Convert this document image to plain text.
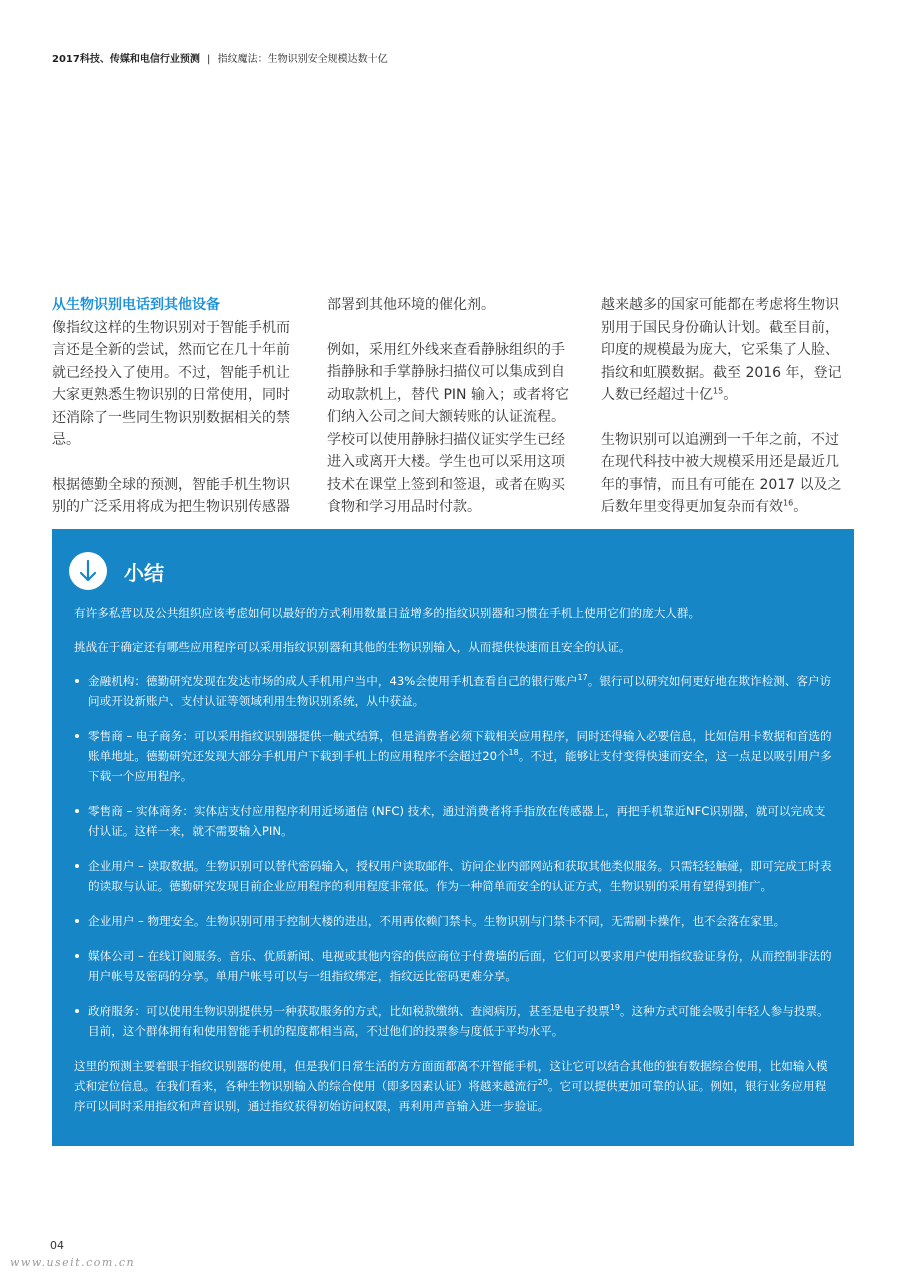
2017科技、传媒和电信行业预测 | 指纹魔法：生物识别安全规模达数十亿

从生物识别电话到其他设备

像指纹这样的生物识别对于智能手机而言还是全新的尝试，然而它在几十年前就已经投入了使用。不过，智能手机让大家更熟悉生物识别的日常使用，同时还消除了一些同生物识别数据相关的禁忌。

根据德勤全球的预测，智能手机生物识别的广泛采用将成为把生物识别传感器

部署到其他环境的催化剂。

例如，采用红外线来查看静脉组织的手指静脉和手掌静脉扫描仪可以集成到自动取款机上，替代 PIN 输入；或者将它们纳入公司之间大额转账的认证流程。学校可以使用静脉扫描仪证实学生已经进入或离开大楼。学生也可以采用这项技术在课堂上签到和签退，或者在购买食物和学习用品时付款。

越来越多的国家可能都在考虑将生物识别用于国民身份确认计划。截至目前，印度的规模最为庞大，它采集了人脸、指纹和虹膜数据。截至 2016 年，登记人数已经超过十亿$^{15}$。

生物识别可以追溯到一千年之前，不过在现代科技中被大规模采用还是最近几年的事情，而且有可能在 2017 以及之后数年里变得更加复杂而有效$^{16}$。

小结

有许多私营以及公共组织应该考虑如何以最好的方式利用数量日益增多的指纹识别器和习惯在手机上使用它们的庞大人群。

挑战在于确定还有哪些应用程序可以采用指纹识别器和其他的生物识别输入，从而提供快速而且安全的认证。

金融机构：德勤研究发现在发达市场的成人手机用户当中，43%会使用手机查看自己的银行账户$^{17}$。银行可以研究如何更好地在欺诈检测、客户访问或开设新账户、支付认证等领域利用生物识别系统，从中获益。
零售商 – 电子商务：可以采用指纹识别器提供一触式结算，但是消费者必须下载相关应用程序，同时还得输入必要信息，比如信用卡数据和首选的账单地址。德勤研究还发现大部分手机用户下载到手机上的应用程序不会超过20个$^{18}$。不过，能够让支付变得快速而安全，这一点足以吸引用户多下载一个应用程序。
零售商 – 实体商务：实体店支付应用程序利用近场通信 (NFC) 技术，通过消费者将手指放在传感器上，再把手机靠近NFC识别器，就可以完成支付认证。这样一来，就不需要输入PIN。
企业用户 – 读取数据。生物识别可以替代密码输入，授权用户读取邮件、访问企业内部网站和获取其他类似服务。只需轻轻触碰，即可完成工时表的读取与认证。德勤研究发现目前企业应用程序的利用程度非常低。作为一种简单而安全的认证方式，生物识别的采用有望得到推广。
企业用户 – 物理安全。生物识别可用于控制大楼的进出，不用再依赖门禁卡。生物识别与门禁卡不同，无需刷卡操作，也不会落在家里。
媒体公司 – 在线订阅服务。音乐、优质新闻、电视或其他内容的供应商位于付费墙的后面，它们可以要求用户使用指纹验证身份，从而控制非法的用户帐号及密码的分享。单用户帐号可以与一组指纹绑定，指纹远比密码更难分享。
政府服务：可以使用生物识别提供另一种获取服务的方式，比如税款缴纳、查阅病历，甚至是电子投票$^{19}$。这种方式可能会吸引年轻人参与投票。目前，这个群体拥有和使用智能手机的程度都相当高，不过他们的投票参与度低于平均水平。

这里的预测主要着眼于指纹识别器的使用，但是我们日常生活的方方面面都离不开智能手机，这让它可以结合其他的独有数据综合使用，比如输入模式和定位信息。在我们看来，各种生物识别输入的综合使用（即多因素认证）将越来越流行$^{20}$。它可以提供更加可靠的认证。例如，银行业务应用程序可以同时采用指纹和声音识别，通过指纹获得初始访问权限，再利用声音输入进一步验证。

04
www.useit.com.cn
